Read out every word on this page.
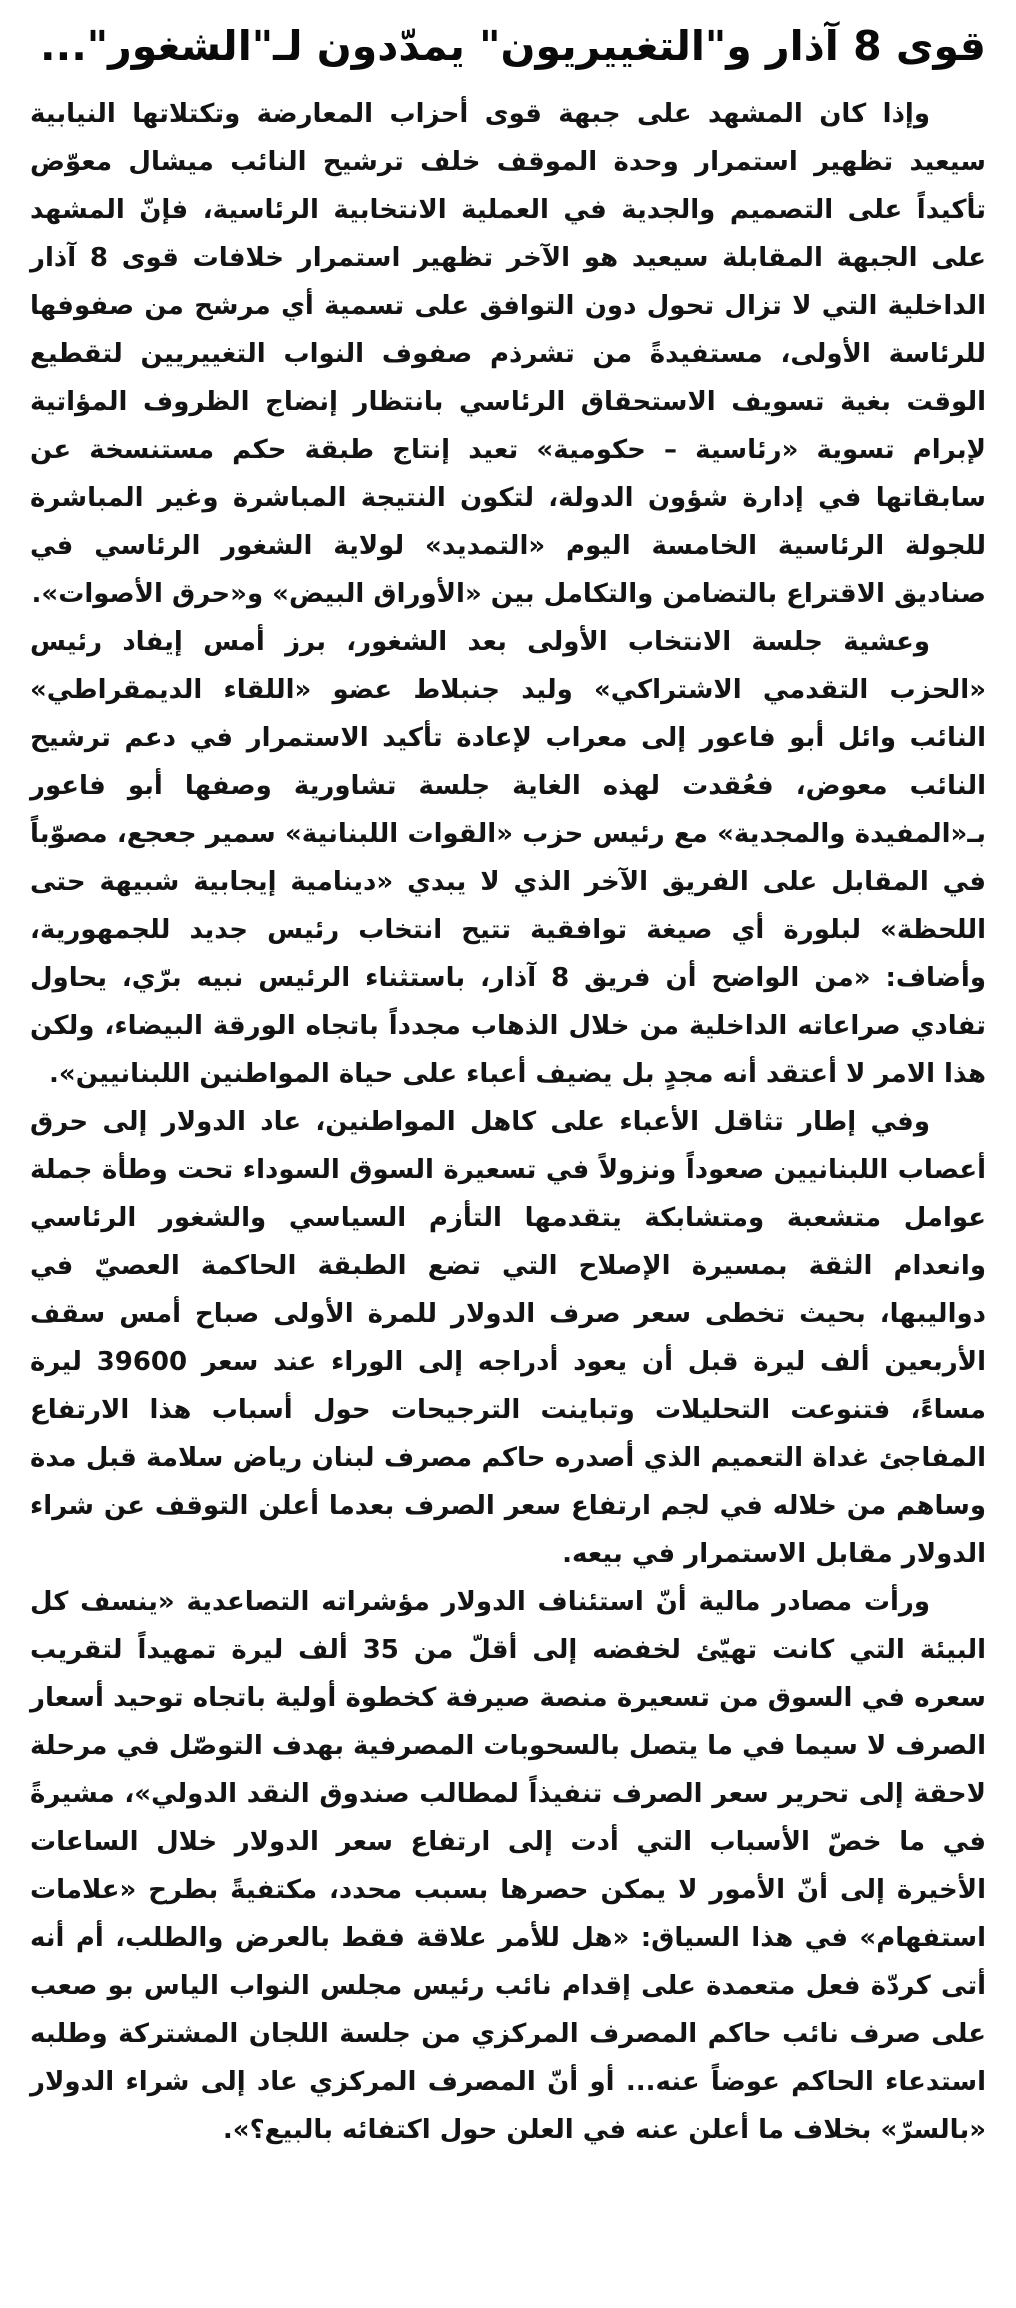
قوى 8 آذار و"التغييريون" يمدّدون لـ"الشغور"...

وإذا كان المشهد على جبهة قوى أحزاب المعارضة وتكتلاتها النيابية سيعيد تظهير استمرار وحدة الموقف خلف ترشيح النائب ميشال معوّض تأكيداً على التصميم والجدية في العملية الانتخابية الرئاسية، فإنّ المشهد على الجبهة المقابلة سيعيد هو الآخر تظهير استمرار خلافات قوى 8 آذار الداخلية التي لا تزال تحول دون التوافق على تسمية أي مرشح من صفوفها للرئاسة الأولى، مستفيدةً من تشرذم صفوف النواب التغييريين لتقطيع الوقت بغية تسويف الاستحقاق الرئاسي بانتظار إنضاج الظروف المؤاتية لإبرام تسوية «رئاسية – حكومية» تعيد إنتاج طبقة حكم مستنسخة عن سابقاتها في إدارة شؤون الدولة، لتكون النتيجة المباشرة وغير المباشرة للجولة الرئاسية الخامسة اليوم «التمديد» لولاية الشغور الرئاسي في صناديق الاقتراع بالتضامن والتكامل بين «الأوراق البيض» و«حرق الأصوات».

وعشية جلسة الانتخاب الأولى بعد الشغور، برز أمس إيفاد رئيس «الحزب التقدمي الاشتراكي» وليد جنبلاط عضو «اللقاء الديمقراطي» النائب وائل أبو فاعور إلى معراب لإعادة تأكيد الاستمرار في دعم ترشيح النائب معوض، فعُقدت لهذه الغاية جلسة تشاورية وصفها أبو فاعور بـ«المفيدة والمجدية» مع رئيس حزب «القوات اللبنانية» سمير جعجع، مصوّباً في المقابل على الفريق الآخر الذي لا يبدي «دينامية إيجابية شبيهة حتى اللحظة» لبلورة أي صيغة توافقية تتيح انتخاب رئيس جديد للجمهورية، وأضاف: «من الواضح أن فريق 8 آذار، باستثناء الرئيس نبيه برّي، يحاول تفادي صراعاته الداخلية من خلال الذهاب مجدداً باتجاه الورقة البيضاء، ولكن هذا الامر لا أعتقد أنه مجدٍ بل يضيف أعباء على حياة المواطنين اللبنانيين».

وفي إطار تثاقل الأعباء على كاهل المواطنين، عاد الدولار إلى حرق أعصاب اللبنانيين صعوداً ونزولاً في تسعيرة السوق السوداء تحت وطأة جملة عوامل متشعبة ومتشابكة يتقدمها التأزم السياسي والشغور الرئاسي وانعدام الثقة بمسيرة الإصلاح التي تضع الطبقة الحاكمة العصيّ في دواليبها، بحيث تخطى سعر صرف الدولار للمرة الأولى صباح أمس سقف الأربعين ألف ليرة قبل أن يعود أدراجه إلى الوراء عند سعر 39600 ليرة مساءً، فتنوعت التحليلات وتباينت الترجيحات حول أسباب هذا الارتفاع المفاجئ غداة التعميم الذي أصدره حاكم مصرف لبنان رياض سلامة قبل مدة وساهم من خلاله في لجم ارتفاع سعر الصرف بعدما أعلن التوقف عن شراء الدولار مقابل الاستمرار في بيعه.

ورأت مصادر مالية أنّ استئناف الدولار مؤشراته التصاعدية «ينسف كل البيئة التي كانت تهيّئ لخفضه إلى أقلّ من 35 ألف ليرة تمهيداً لتقريب سعره في السوق من تسعيرة منصة صيرفة كخطوة أولية باتجاه توحيد أسعار الصرف لا سيما في ما يتصل بالسحوبات المصرفية بهدف التوصّل في مرحلة لاحقة إلى تحرير سعر الصرف تنفيذاً لمطالب صندوق النقد الدولي»، مشيرةً في ما خصّ الأسباب التي أدت إلى ارتفاع سعر الدولار خلال الساعات الأخيرة إلى أنّ الأمور لا يمكن حصرها بسبب محدد، مكتفيةً بطرح «علامات استفهام» في هذا السياق: «هل للأمر علاقة فقط بالعرض والطلب، أم أنه أتى كردّة فعل متعمدة على إقدام نائب رئيس مجلس النواب الياس بو صعب على صرف نائب حاكم المصرف المركزي من جلسة اللجان المشتركة وطلبه استدعاء الحاكم عوضاً عنه... أو أنّ المصرف المركزي عاد إلى شراء الدولار «بالسرّ» بخلاف ما أعلن عنه في العلن حول اكتفائه بالبيع؟».
